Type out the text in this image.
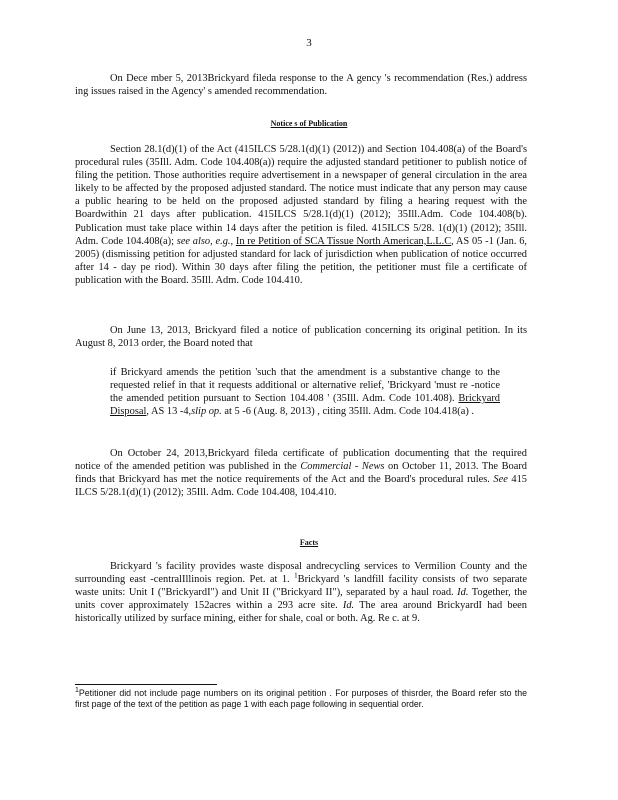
3

On Dece mber 5, 2013Brickyard fileda response to the A gency 's recommendation (Res.) address ing issues raised in the Agency' s amended recommendation.

Notice s of Publication

Section 28.1(d)(1) of the Act (415ILCS 5/28.1(d)(1) (2012)) and Section 104.408(a) of the Board's procedural rules (35Ill. Adm. Code 104.408(a)) require the adjusted standard petitioner to publish notice of filing the petition. Those authorities require advertisement in a newspaper of general circulation in the area likely to be affected by the proposed adjusted standard. The notice must indicate that any person may cause a public hearing to be held on the proposed adjusted standard by filing a hearing request with the Boardwithin 21 days after publication. 415ILCS 5/28.1(d)(1) (2012); 35Ill.Adm. Code 104.408(b). Publication must take place within 14 days after the petition is filed. 415ILCS 5/28. 1(d)(1) (2012); 35Ill. Adm. Code 104.408(a); see also, e.g., In re Petition of SCA Tissue North American,L.L.C, AS 05 -1 (Jan. 6, 2005) (dismissing petition for adjusted standard for lack of jurisdiction when publication of notice occurred after 14 - day pe riod). Within 30 days after filing the petition, the petitioner must file a certificate of publication with the Board. 35Ill. Adm. Code 104.410.

On June 13, 2013, Brickyard filed a notice of publication concerning its original petition. In its August 8, 2013 order, the Board noted that

if Brickyard amends the petition 'such that the amendment is a substantive change to the requested relief in that it requests additional or alternative relief, 'Brickyard 'must re -notice the amended petition pursuant to Section 104.408 ' (35Ill. Adm. Code 101.408). Brickyard Disposal, AS 13 -4,slip op. at 5 -6 (Aug. 8, 2013) , citing 35Ill. Adm. Code 104.418(a) .

On October 24, 2013,Brickyard fileda certificate of publication documenting that the required notice of the amended petition was published in the Commercial - News on October 11, 2013. The Board finds that Brickyard has met the notice requirements of the Act and the Board's procedural rules. See 415 ILCS 5/28.1(d)(1) (2012); 35Ill. Adm. Code 104.408, 104.410.

Facts

Brickyard 's facility provides waste disposal andrecycling services to Vermilion County and the surrounding east -centralIllinois region. Pet. at 1. $^1$Brickyard 's landfill facility consists of two separate waste units: Unit I ("BrickyardI") and Unit II ("Brickyard II"), separated by a haul road. Id. Together, the units cover approximately 152acres within a 293 acre site. Id. The area around BrickyardI had been historically utilized by surface mining, either for shale, coal or both. Ag. Re c. at 9.

$^1$Petitioner did not include page numbers on its original petition . For purposes of thisrder, the Board refer sto the first page of the text of the petition as page 1 with each page following in sequential order.
